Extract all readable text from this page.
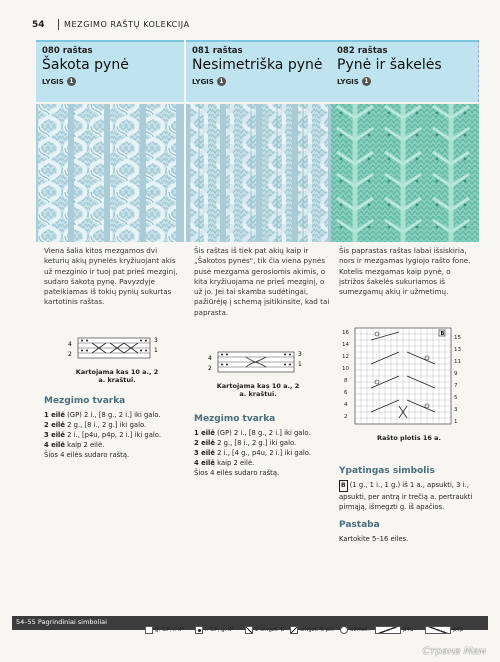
54 MEZGIMO RAŠTŲ KOLEKCIJA
080 raštas
Šakota pynė
LYGIS 1
Viena šalia kitos mezgamos dvi keturių akių pynelės kryžiuojant akis už mezginio ir tuoj pat prieš mezginį, sudaro šakotą pynę. Pavyzdyje pateikiamas iš tokių pynių sukurtas kartotinis raštas.
4
2
3
1
Kartojama kas 10 a., 2 a. kraštui.
Mezgimo tvarka
1 eilė (GP) 2 i., [8 g., 2 i.] iki galo.
2 eilė 2 g., [8 i., 2 g.] iki galo.
3 eilė 2 i., [p4u, p4p, 2 i.] iki galo.
4 eilė kaip 2 eilė.
Šios 4 eilės sudaro raštą.
081 raštas
Nesimetriška pynė
LYGIS 1
Šis raštas iš tiek pat akių kaip ir „Šakotos pynės", tik čia viena pynės pusė mezgama gerosiomis akimis, o kita kryžiuojama ne prieš mezginį, o už jo. Jei tai skamba sudėtingai, pažiūrėję į schemą įsitikinsite, kad tai paprasta.
4
2
3
1
Kartojama kas 10 a., 2 a. kraštui.
Mezgimo tvarka
1 eilė (GP) 2 i., [8 g., 2 i.] iki galo.
2 eilė 2 g., [8 i., 2 g.] iki galo.
3 eilė 2 i., [4 g., p4u, 2 i.] iki galo.
4 eilė kaip 2 eilė.
Šios 4 eilės sudaro raštą.
082 raštas
Pynė ir šakelės
LYGIS 1
Šis paprastas raštas labai išsiskiria, nors ir mezgamas lygiojo rašto fone. Kotelis mezgamas kaip pynė, o įstrižos šakelės sukuriamos iš sumezgamų akių ir užmetimų.
B
16
14
12
10
8
6
4
2
15
13
11
9
7
5
3
1
Rašto plotis 16 a.
Ypatingas simbolis
B (1 g., 1 i., 1 g.) iš 1 a., apsukti, 3 i., apsukti, per antrą ir trečią a. pertraukti pirmąją, išmegzti g. iš apačios.
Pastaba
Kartokite 5–16 eiles.
54–55 Pagrindiniai simboliai
g. GP, i. IP	i. GP, g. IP	2 smgzt. D	smgzt. K ptr.	užmet.	p4u	p4p
Страна Мам
